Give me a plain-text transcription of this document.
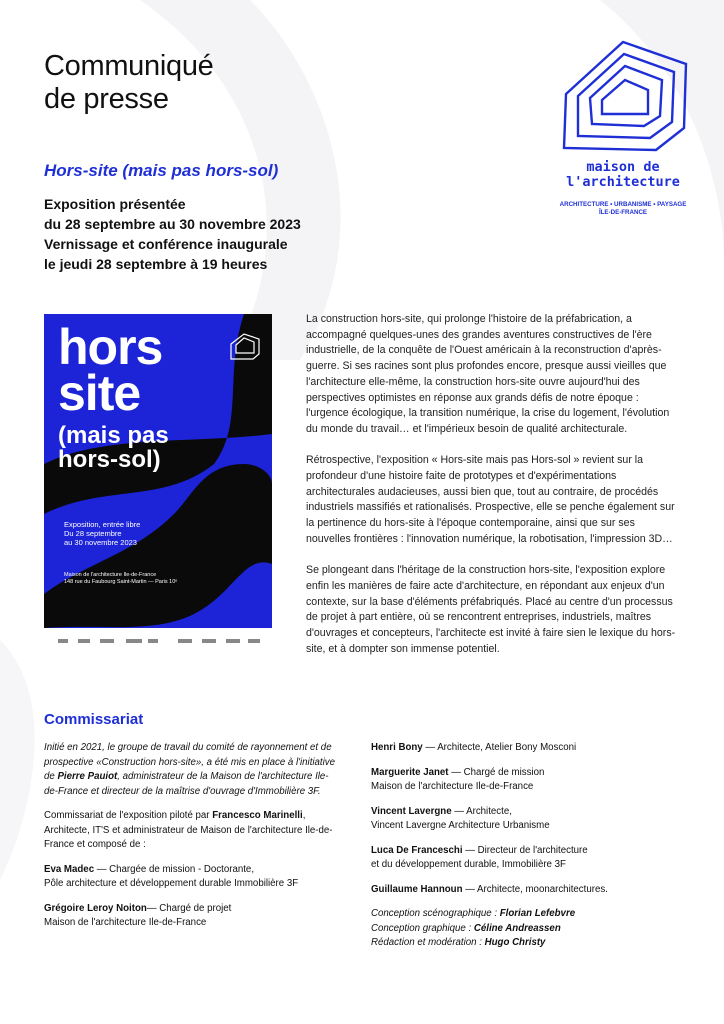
Communiqué
de presse
Hors-site (mais pas hors-sol)
Exposition présentée
du 28 septembre au 30 novembre 2023
Vernissage et conférence inaugurale
le jeudi 28 septembre à 19 heures
maison de
l'architecture
ARCHITECTURE • URBANISME • PAYSAGE
ÎLE-DE-FRANCE
hors
site
(mais pas
hors-sol)
Exposition, entrée libre
Du 28 septembre
au 30 novembre 2023
Maison de l'architecture Ile-de-France
148 rue du Faubourg Saint-Martin — Paris 10ᵉ

La construction hors-site, qui prolonge l'histoire de la préfabrication, a accompagné quelques-unes des grandes aventures constructives de l'ère industrielle, de la conquête de l'Ouest américain à la reconstruction d'après-guerre. Si ses racines sont plus profondes encore, presque aussi vieilles que l'architecture elle-même, la construction hors-site ouvre aujourd'hui des perspectives optimistes en réponse aux grands défis de notre époque : l'urgence écologique, la transition numérique, la crise du logement, l'évolution du monde du travail… et l'impérieux besoin de qualité architecturale.

Rétrospective, l'exposition « Hors-site mais pas Hors-sol » revient sur la profondeur d'une histoire faite de prototypes et d'expérimentations architecturales audacieuses, aussi bien que, tout au contraire, de procédés industriels massifiés et rationalisés. Prospective, elle se penche également sur la pertinence du hors-site à l'époque contemporaine, ainsi que sur ses nouvelles frontières : l'innovation numérique, la robotisation, l'impression 3D…

Se plongeant dans l'héritage de la construction hors-site, l'exposition explore enfin les manières de faire acte d'architecture, en répondant aux enjeux d'un contexte, sur la base d'éléments préfabriqués. Placé au centre d'un processus de projet à part entière, où se rencontrent entreprises, industriels, maîtres d'ouvrages et concepteurs, l'architecte est invité à faire sien le lexique du hors-site, et à dompter son immense potentiel.

Commissariat

Initié en 2021, le groupe de travail du comité de rayonnement et de prospective «Construction hors-site», a été mis en place à l'initiative de Pierre Pauiot, administrateur de la Maison de l'architecture Ile-de-France et directeur de la maîtrise d'ouvrage d'Immobilière 3F.

Commissariat de l'exposition piloté par Francesco Marinelli, Architecte, IT'S et administrateur de Maison de l'architecture Ile-de-France et composé de :

Eva Madec — Chargée de mission - Doctorante,
Pôle architecture et développement durable Immobilière 3F

Grégoire Leroy Noiton— Chargé de projet
Maison de l'architecture Ile-de-France

Henri Bony — Architecte, Atelier Bony Mosconi

Marguerite Janet — Chargé de mission
Maison de l'architecture Ile-de-France

Vincent Lavergne — Architecte,
Vincent Lavergne Architecture Urbanisme

Luca De Franceschi — Directeur de l'architecture
et du développement durable, Immobilière 3F

Guillaume Hannoun — Architecte, moonarchitectures.

Conception scénographique : Florian Lefebvre
Conception graphique : Céline Andreassen
Rédaction et modération : Hugo Christy
